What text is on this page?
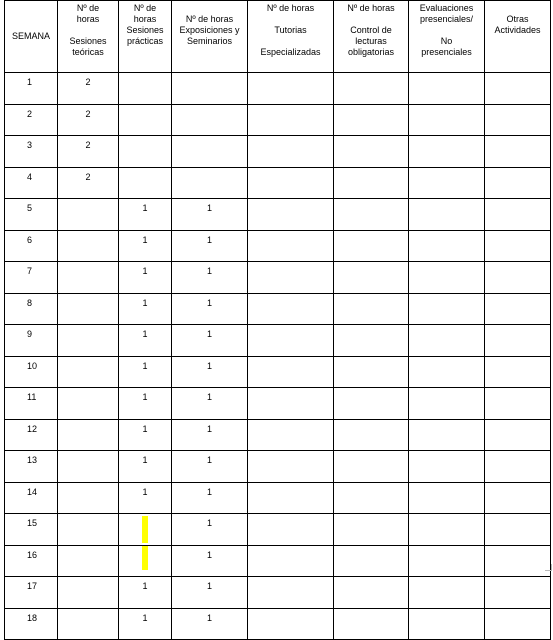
SEMANA	Nº de
horas
Sesiones
teóricas	Nº de
horas
Sesiones
prácticas	Nº de horas
Exposiciones y
Seminarios	Nº de horas
Tutorias
Especializadas	Nº de horas
Control de
lecturas
obligatorias	Evaluaciones
presenciales/
No
presenciales	Otras
Actividades

1	2						
2	2						
3	2						
4	2						
5		1	1				
6		1	1				
7		1	1				
8		1	1				
9		1	1				
10		1	1				
11		1	1				
12		1	1				
13		1	1				
14		1	1				
15			1				
16			1				
17		1	1				
18		1	1				
